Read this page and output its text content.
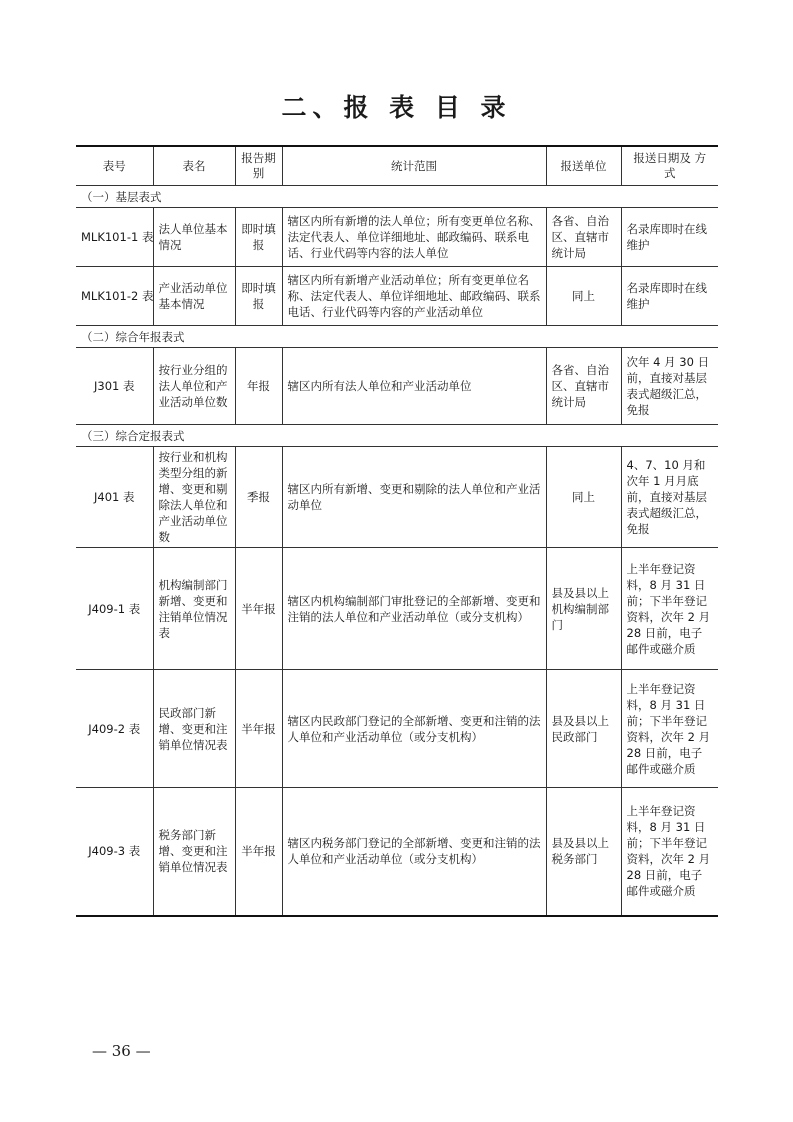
二、报 表 目 录
表号	表名	报告期别	统计范围	报送单位	报送日期及 方 式
（一）基层表式					
MLK101-1 表	法人单位基本情况	即时填报	辖区内所有新增的法人单位；所有变更单位名称、法定代表人、单位详细地址、邮政编码、联系电话、行业代码等内容的法人单位	各省、自治区、直辖市统计局	名录库即时在线维护
MLK101-2 表	产业活动单位基本情况	即时填报	辖区内所有新增产业活动单位；所有变更单位名称、法定代表人、单位详细地址、邮政编码、联系电话、行业代码等内容的产业活动单位	同上	名录库即时在线维护
（二）综合年报表式					
J301 表	按行业分组的法人单位和产业活动单位数	年报	辖区内所有法人单位和产业活动单位	各省、自治区、直辖市统计局	次年 4 月 30 日前，直接对基层表式超级汇总，免报
（三）综合定报表式					
J401 表	按行业和机构类型分组的新增、变更和剔除法人单位和产业活动单位数	季报	辖区内所有新增、变更和剔除的法人单位和产业活动单位	同上	4、7、10 月和次年 1 月月底前，直接对基层表式超级汇总，免报
J409-1 表	机构编制部门新增、变更和注销单位情况表	半年报	辖区内机构编制部门审批登记的全部新增、变更和注销的法人单位和产业活动单位（或分支机构）	县及县以上机构编制部门	上半年登记资料，8 月 31 日前；下半年登记资料，次年 2 月 28 日前，电子邮件或磁介质
J409-2 表	民政部门新增、变更和注销单位情况表	半年报	辖区内民政部门登记的全部新增、变更和注销的法人单位和产业活动单位（或分支机构）	县及县以上民政部门	上半年登记资料，8 月 31 日前；下半年登记资料，次年 2 月 28 日前，电子邮件或磁介质
J409-3 表	税务部门新增、变更和注销单位情况表	半年报	辖区内税务部门登记的全部新增、变更和注销的法人单位和产业活动单位（或分支机构）	县及县以上税务部门	上半年登记资料，8 月 31 日前；下半年登记资料，次年 2 月 28 日前，电子邮件或磁介质
— 36 —
